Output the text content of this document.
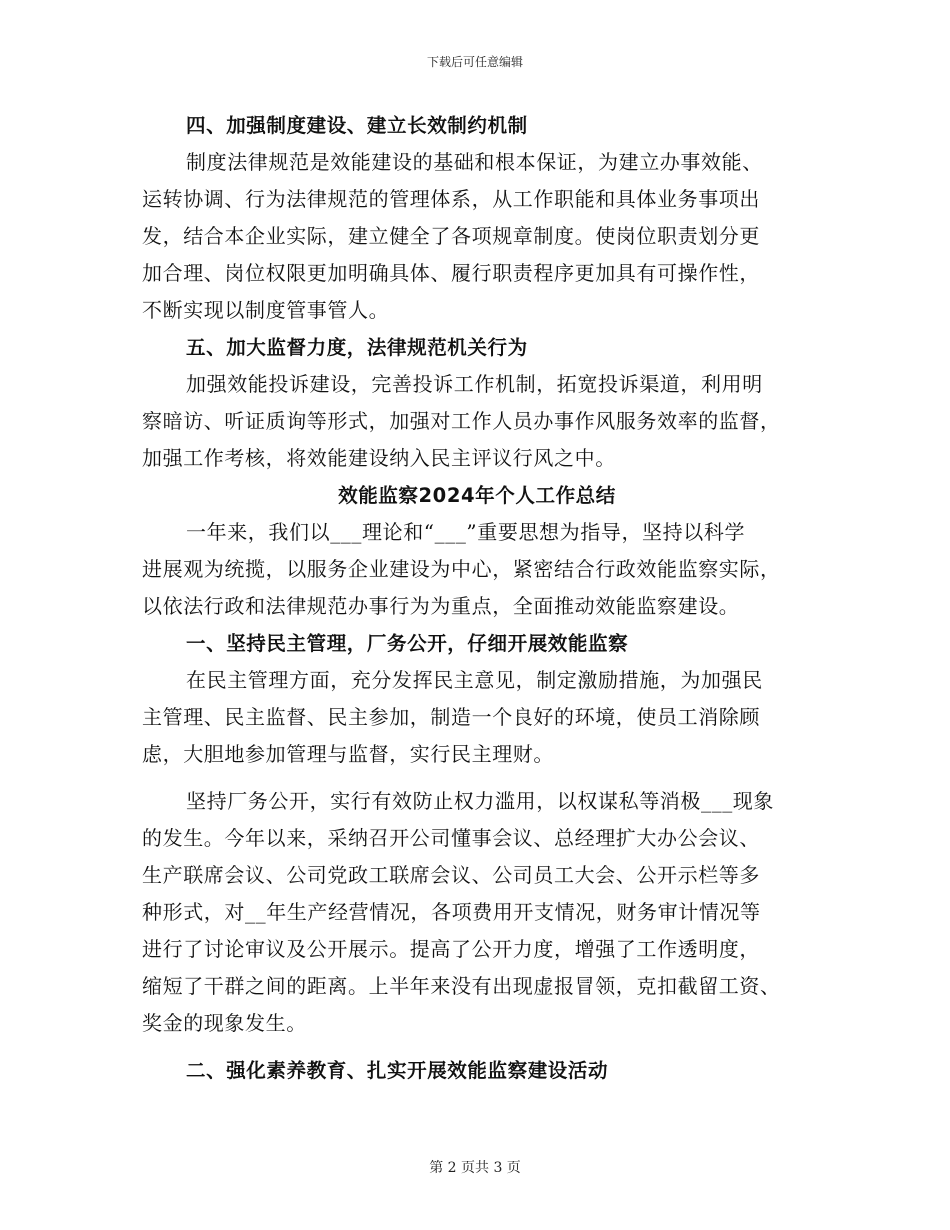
下载后可任意编辑
四、加强制度建设、建立长效制约机制
制度法律规范是效能建设的基础和根本保证，为建立办事效能、
运转协调、行为法律规范的管理体系，从工作职能和具体业务事项出
发，结合本企业实际，建立健全了各项规章制度。使岗位职责划分更
加合理、岗位权限更加明确具体、履行职责程序更加具有可操作性，
不断实现以制度管事管人。
五、加大监督力度，法律规范机关行为
加强效能投诉建设，完善投诉工作机制，拓宽投诉渠道，利用明
察暗访、听证质询等形式，加强对工作人员办事作风服务效率的监督，
加强工作考核，将效能建设纳入民主评议行风之中。
效能监察2024年个人工作总结
一年来，我们以___理论和“___”重要思想为指导，坚持以科学
进展观为统揽，以服务企业建设为中心，紧密结合行政效能监察实际，
以依法行政和法律规范办事行为为重点，全面推动效能监察建设。
一、坚持民主管理，厂务公开，仔细开展效能监察
在民主管理方面，充分发挥民主意见，制定激励措施，为加强民
主管理、民主监督、民主参加，制造一个良好的环境，使员工消除顾
虑，大胆地参加管理与监督，实行民主理财。
坚持厂务公开，实行有效防止权力滥用，以权谋私等消极___现象
的发生。今年以来，采纳召开公司懂事会议、总经理扩大办公会议、
生产联席会议、公司党政工联席会议、公司员工大会、公开示栏等多
种形式，对__年生产经营情况，各项费用开支情况，财务审计情况等
进行了讨论审议及公开展示。提高了公开力度，增强了工作透明度，
缩短了干群之间的距离。上半年来没有出现虚报冒领，克扣截留工资、
奖金的现象发生。
二、强化素养教育、扎实开展效能监察建设活动
第 2 页共 3 页
